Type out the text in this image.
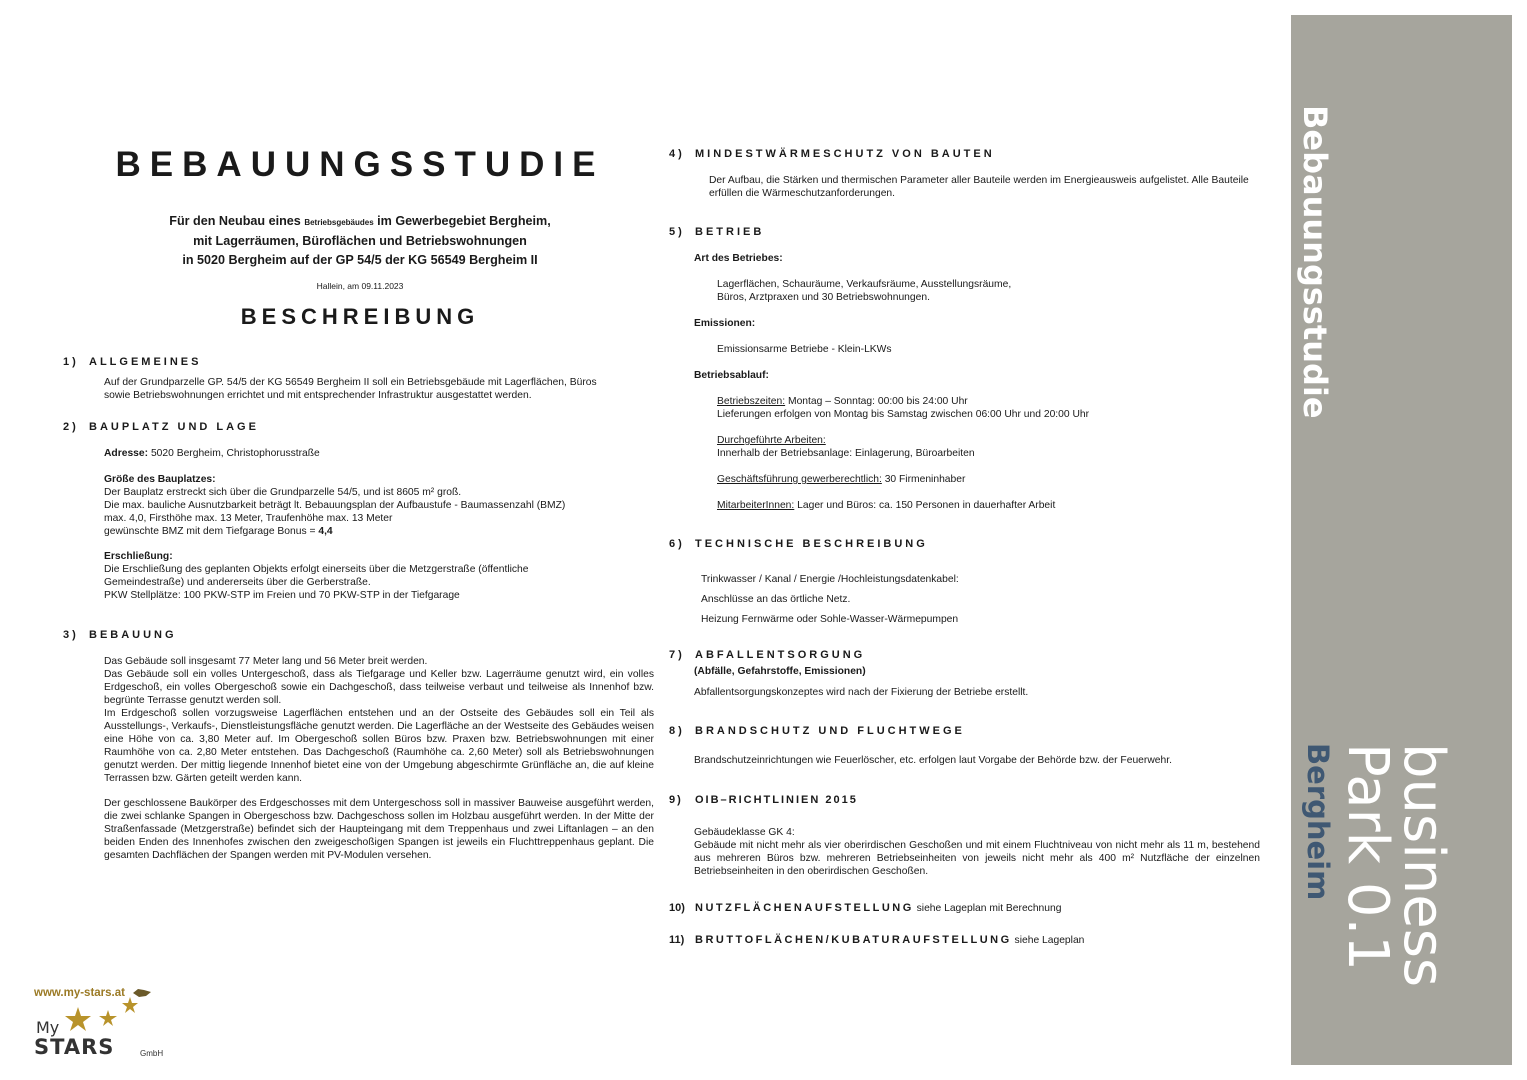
BEBAUUNGSSTUDIE
Für den Neubau eines Betriebsgebäudes im Gewerbegebiet Bergheim,
mit Lagerräumen, Büroflächen und Betriebswohnungen
in 5020 Bergheim auf der GP 54/5 der KG 56549 Bergheim II
Hallein, am 09.11.2023
BESCHREIBUNG
1) ALLGEMEINES
Auf der Grundparzelle GP. 54/5 der KG 56549 Bergheim II soll ein Betriebsgebäude mit Lagerflächen, Büros
sowie Betriebswohnungen errichtet und mit entsprechender Infrastruktur ausgestattet werden.
2) BAUPLATZ UND LAGE
Adresse: 5020 Bergheim, Christophorusstraße
Größe des Bauplatzes:
Der Bauplatz erstreckt sich über die Grundparzelle 54/5, und ist 8605 m² groß.
Die max. bauliche Ausnutzbarkeit beträgt lt. Bebauungsplan der Aufbaustufe - Baumassenzahl (BMZ)
max. 4,0, Firsthöhe max. 13 Meter, Traufenhöhe max. 13 Meter
gewünschte BMZ mit dem Tiefgarage Bonus = 4,4
Erschließung:
Die Erschließung des geplanten Objekts erfolgt einerseits über die Metzgerstraße (öffentliche
Gemeindestraße) und andererseits über die Gerberstraße.
PKW Stellplätze: 100 PKW-STP im Freien und 70 PKW-STP in der Tiefgarage
3) BEBAUUNG
Das Gebäude soll insgesamt 77 Meter lang und 56 Meter breit werden.
Das Gebäude soll ein volles Untergeschoß, dass als Tiefgarage und Keller bzw. Lagerräume genutzt wird, ein volles Erdgeschoß, ein volles Obergeschoß sowie ein Dachgeschoß, dass teilweise verbaut und teilweise als Innenhof bzw. begrünte Terrasse genutzt werden soll.
Im Erdgeschoß sollen vorzugsweise Lagerflächen entstehen und an der Ostseite des Gebäudes soll ein Teil als Ausstellungs-, Verkaufs-, Dienstleistungsfläche genutzt werden. Die Lagerfläche an der Westseite des Gebäudes weisen eine Höhe von ca. 3,80 Meter auf. Im Obergeschoß sollen Büros bzw. Praxen bzw. Betriebswohnungen mit einer Raumhöhe von ca. 2,80 Meter entstehen. Das Dachgeschoß (Raumhöhe ca. 2,60 Meter) soll als Betriebswohnungen genutzt werden. Der mittig liegende Innenhof bietet eine von der Umgebung abgeschirmte Grünfläche an, die auf kleine Terrassen bzw. Gärten geteilt werden kann.
Der geschlossene Baukörper des Erdgeschosses mit dem Untergeschoss soll in massiver Bauweise ausgeführt werden, die zwei schlanke Spangen in Obergeschoss bzw. Dachgeschoss sollen im Holzbau ausgeführt werden. In der Mitte der Straßenfassade (Metzgerstraße) befindet sich der Haupteingang mit dem Treppenhaus und zwei Liftanlagen – an den beiden Enden des Innenhofes zwischen den zweigeschoßigen Spangen ist jeweils ein Fluchttreppenhaus geplant. Die gesamten Dachflächen der Spangen werden mit PV-Modulen versehen.
4) MINDESTWÄRMESCHUTZ VON BAUTEN
Der Aufbau, die Stärken und thermischen Parameter aller Bauteile werden im Energieausweis aufgelistet. Alle Bauteile erfüllen die Wärmeschutzanforderungen.
5) BETRIEB
Art des Betriebes:
Lagerflächen, Schauräume, Verkaufsräume, Ausstellungsräume,
Büros, Arztpraxen und 30 Betriebswohnungen.
Emissionen:
Emissionsarme Betriebe - Klein-LKWs
Betriebsablauf:
Betriebszeiten: Montag – Sonntag: 00:00 bis 24:00 Uhr
Lieferungen erfolgen von Montag bis Samstag zwischen 06:00 Uhr und 20:00 Uhr
Durchgeführte Arbeiten:
Innerhalb der Betriebsanlage: Einlagerung, Büroarbeiten
Geschäftsführung gewerberechtlich: 30 Firmeninhaber
MitarbeiterInnen: Lager und Büros: ca. 150 Personen in dauerhafter Arbeit
6) TECHNISCHE BESCHREIBUNG
Trinkwasser / Kanal / Energie /Hochleistungsdatenkabel:
Anschlüsse an das örtliche Netz.
Heizung Fernwärme oder Sohle-Wasser-Wärmepumpen
7) ABFALLENTSORGUNG
(Abfälle, Gefahrstoffe, Emissionen)
Abfallentsorgungskonzeptes wird nach der Fixierung der Betriebe erstellt.
8) BRANDSCHUTZ UND FLUCHTWEGE
Brandschutzeinrichtungen wie Feuerlöscher, etc. erfolgen laut Vorgabe der Behörde bzw. der Feuerwehr.
9) OIB–RICHTLINIEN 2015
Gebäudeklasse GK 4:
Gebäude mit nicht mehr als vier oberirdischen Geschoßen und mit einem Fluchtniveau von nicht mehr als 11 m, bestehend aus mehreren Büros bzw. mehreren Betriebseinheiten von jeweils nicht mehr als 400 m² Nutzfläche der einzelnen Betriebseinheiten in den oberirdischen Geschoßen.
10) NUTZFLÄCHENAUFSTELLUNG siehe Lageplan mit Berechnung
11) BRUTTOFLÄCHEN/KUBATURAUFSTELLUNG siehe Lageplan
Bebauungsstudie
business
Park 0.1
Bergheim
www.my-stars.at
My
STARS	GmbH
